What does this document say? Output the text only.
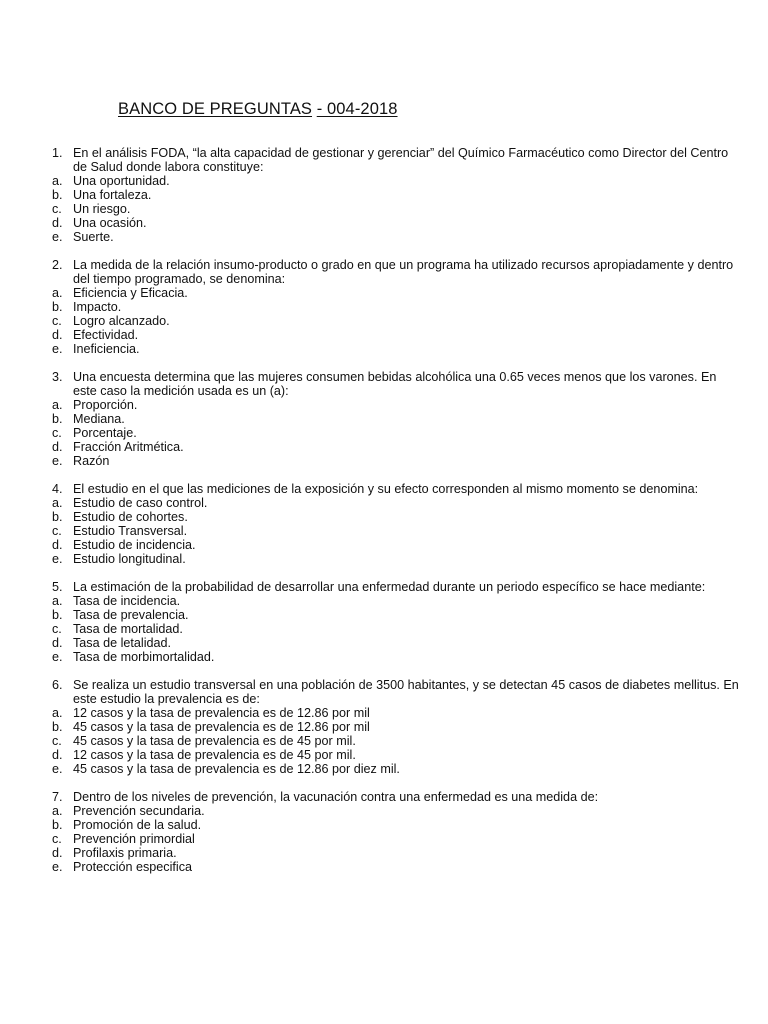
BANCO DE PREGUNTAS - 004-2018
1. En el análisis FODA, “la alta capacidad de gestionar y gerenciar” del Químico Farmacéutico como Director del Centro de Salud donde labora constituye:
a. Una oportunidad.
b. Una fortaleza.
c. Un riesgo.
d. Una ocasión.
e. Suerte.
2. La medida de la relación insumo-producto o grado en que un programa ha utilizado recursos apropiadamente y dentro del tiempo programado, se denomina:
a. Eficiencia y Eficacia.
b. Impacto.
c. Logro alcanzado.
d. Efectividad.
e. Ineficiencia.
3. Una encuesta determina que las mujeres consumen bebidas alcohólica una 0.65 veces menos que los varones. En este caso la medición usada es un (a):
a. Proporción.
b. Mediana.
c. Porcentaje.
d. Fracción Aritmética.
e. Razón
4. El estudio en el que las mediciones de la exposición y su efecto corresponden al mismo momento se denomina:
a. Estudio de caso control.
b. Estudio de cohortes.
c. Estudio Transversal.
d. Estudio de incidencia.
e. Estudio longitudinal.
5. La estimación de la probabilidad de desarrollar una enfermedad durante un periodo específico se hace mediante:
a. Tasa de incidencia.
b. Tasa de prevalencia.
c. Tasa de mortalidad.
d. Tasa de letalidad.
e. Tasa de morbimortalidad.
6. Se realiza un estudio transversal en una población de 3500 habitantes, y se detectan 45 casos de diabetes mellitus. En este estudio la prevalencia es de:
a. 12 casos y la tasa de prevalencia es de 12.86 por mil
b. 45 casos y la tasa de prevalencia es de 12.86 por mil
c. 45 casos y la tasa de prevalencia es de 45 por mil.
d. 12 casos y la tasa de prevalencia es de 45 por mil.
e. 45 casos y la tasa de prevalencia es de 12.86 por diez mil.
7. Dentro de los niveles de prevención, la vacunación contra una enfermedad es una medida de:
a. Prevención secundaria.
b. Promoción de la salud.
c. Prevención primordial
d. Profilaxis primaria.
e. Protección especifica
